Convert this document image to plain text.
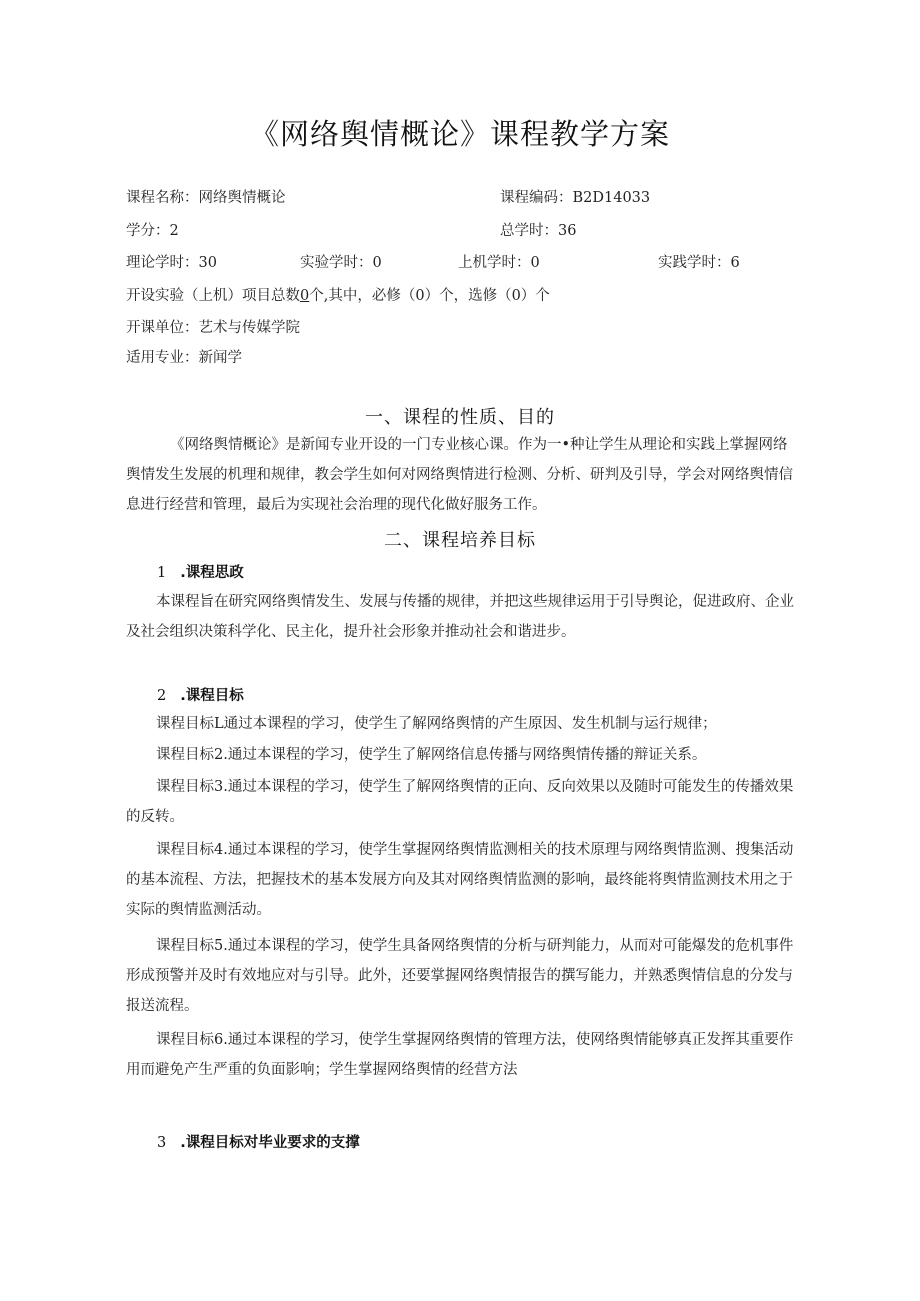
《网络舆情概论》课程教学方案
课程名称：网络舆情概论	课程编码：B2D14033
学分：2	总学时：36
理论学时：30	实验学时：0	上机学时：0	实践学时：6
开设实验（上机）项目总数0个,其中，必修（0）个，选修（0）个
开课单位：艺术与传媒学院
适用专业：新闻学
一、课程的性质、目的
《网络舆情概论》是新闻专业开设的一门专业核心课。作为一•种让学生从理论和实践上掌握网络舆情发生发展的机理和规律，教会学生如何对网络舆情进行检测、分析、研判及引导，学会对网络舆情信息进行经营和管理，最后为实现社会治理的现代化做好服务工作。
二、课程培养目标
1 .课程思政
本课程旨在研究网络舆情发生、发展与传播的规律，并把这些规律运用于引导舆论，促进政府、企业及社会组织决策科学化、民主化，提升社会形象并推动社会和谐进步。
2 .课程目标
课程目标L通过本课程的学习，使学生了解网络舆情的产生原因、发生机制与运行规律；
课程目标2.通过本课程的学习，使学生了解网络信息传播与网络舆情传播的辩证关系。
课程目标3.通过本课程的学习，使学生了解网络舆情的正向、反向效果以及随时可能发生的传播效果的反转。
课程目标4.通过本课程的学习，使学生掌握网络舆情监测相关的技术原理与网络舆情监测、搜集活动的基本流程、方法，把握技术的基本发展方向及其对网络舆情监测的影响，最终能将舆情监测技术用之于实际的舆情监测活动。
课程目标5.通过本课程的学习，使学生具备网络舆情的分析与研判能力，从而对可能爆发的危机事件形成预警并及时有效地应对与引导。此外，还要掌握网络舆情报告的撰写能力，并熟悉舆情信息的分发与报送流程。
课程目标6.通过本课程的学习，使学生掌握网络舆情的管理方法，使网络舆情能够真正发挥其重要作用而避免产生严重的负面影响；学生掌握网络舆情的经营方法
3 .课程目标对毕业要求的支撑
